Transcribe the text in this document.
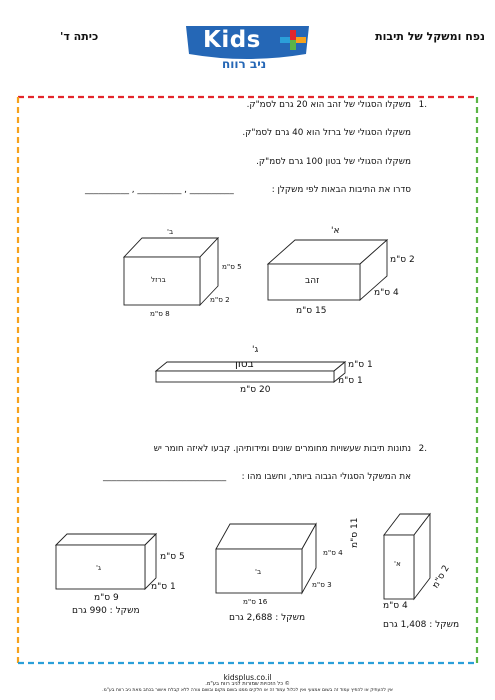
נפח ומשקל של תיבות
כיתה ד'	Kids
ניב רווח
1.
משקלו הסגולי של זהב הוא 20 גרם לסמ"ק.
משקלו הסגולי של ברזל הוא 40 גרם לסמ"ק.
משקלו הסגולי של בטון 100 גרם לסמ"ק.
סדרו את התיבות הבאות לפי משקלן :
__________ , __________ , __________
ב'
ברזל
5 ס"מ
2 ס"מ
8 ס"מ
א'
זהב
2 ס"מ
4 ס"מ
15 ס"מ
ג'
בטון	1 ס"מ
1 ס"מ
20 ס"מ
2.
נתונות תיבות שעשויות מחומרים שונים ומידותיהן. קבעו לאיזה חומר יש
את המשקל הסגולי הגבוה ביותר, וחשבו מהו :
____________________________
ג'
5 ס"מ
1 ס"מ
9 ס"מ
משקל : 990 גרם
ב'
4 ס"מ
3 ס"מ
16 ס"מ
משקל : 2,688 גרם
א'
11 ס"מ
2 ס"מ
4 ס"מ
משקל : 1,408 גרם
kidsplus.co.il
© כל הזכויות שמורות לניב רווח בע"מ.
אין להעתיק או להפיץ עמוד זה בשום אמצעי ואין לכלול עמוד זה או חלקים ממנו בשום מקום ובשום צורה ללא קבלת אישור בכתב מאת ניב רווח בע"מ.
